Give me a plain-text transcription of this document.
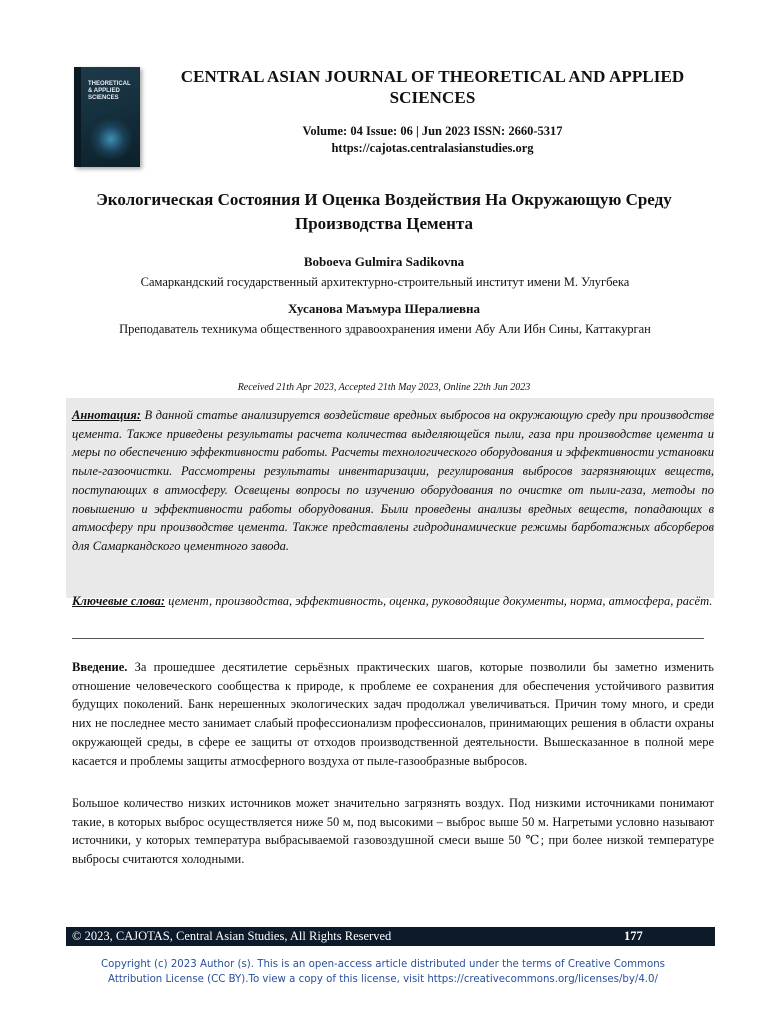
THEORETICAL & APPLIED SCIENCES
CENTRAL ASIAN JOURNAL OF THEORETICAL AND APPLIED SCIENCES
Volume: 04 Issue: 06 | Jun 2023 ISSN: 2660-5317
https://cajotas.centralasianstudies.org
Экологическая Состояния И Оценка Воздействия На Окружающую Среду Производства Цемента
Boboeva Gulmira Sadikovna
Самаркандский государственный архитектурно-строительный институт имени М. Улугбека
Хусанова Маъмура Шералиевна
Преподаватель техникума общественного здравоохранения имени Абу Али Ибн Сины, Каттакурган
Received 21th Apr 2023, Accepted 21th May 2023, Online 22th Jun 2023
Аннотация: В данной статье анализируется воздействие вредных выбросов на окружающую среду при производстве цемента. Также приведены результаты расчета количества выделяющейся пыли, газа при производстве цемента и меры по обеспечению эффективности работы. Расчеты технологического оборудования и эффективности установки пыле-газоочистки. Рассмотрены результаты инвентаризации, регулирования выбросов загрязняющих веществ, поступающих в атмосферу. Освещены вопросы по изучению оборудования по очистке от пыли-газа, методы по повышению и эффективности работы оборудования. Были проведены анализы вредных веществ, попадающих в атмосферу при производстве цемента. Также представлены гидродинамические режимы барботажных абсорберов для Самаркандского цементного завода.
Ключевые слова: цемент, производства, эффективность, оценка, руководящие документы, норма, атмосфера, расёт.
Введение. За прошедшее десятилетие серьёзных практических шагов, которые позволили бы заметно изменить отношение человеческого сообщества к природе, к проблеме ее сохранения для обеспечения устойчивого развития будущих поколений. Банк нерешенных экологических задач продолжал увеличиваться. Причин тому много, и среди них не последнее место занимает слабый профессионализм профессионалов, принимающих решения в области охраны окружающей среды, в сфере ее защиты от отходов производственной деятельности. Вышесказанное в полной мере касается и проблемы защиты атмосферного воздуха от пыле-газообразные выбросов.
Большое количество низких источников может значительно загрязнять воздух. Под низкими источниками понимают такие, в которых выброс осуществляется ниже 50 м, под высокими – выброс выше 50 м. Нагретыми условно называют источники, у которых температура выбрасываемой газовоздушной смеси выше 50 ℃; при более низкой температуре выбросы считаются холодными.
© 2023, CAJOTAS, Central Asian Studies, All Rights Reserved	177
Copyright (c) 2023 Author (s). This is an open-access article distributed under the terms of Creative Commons Attribution License (CC BY).To view a copy of this license, visit https://creativecommons.org/licenses/by/4.0/
